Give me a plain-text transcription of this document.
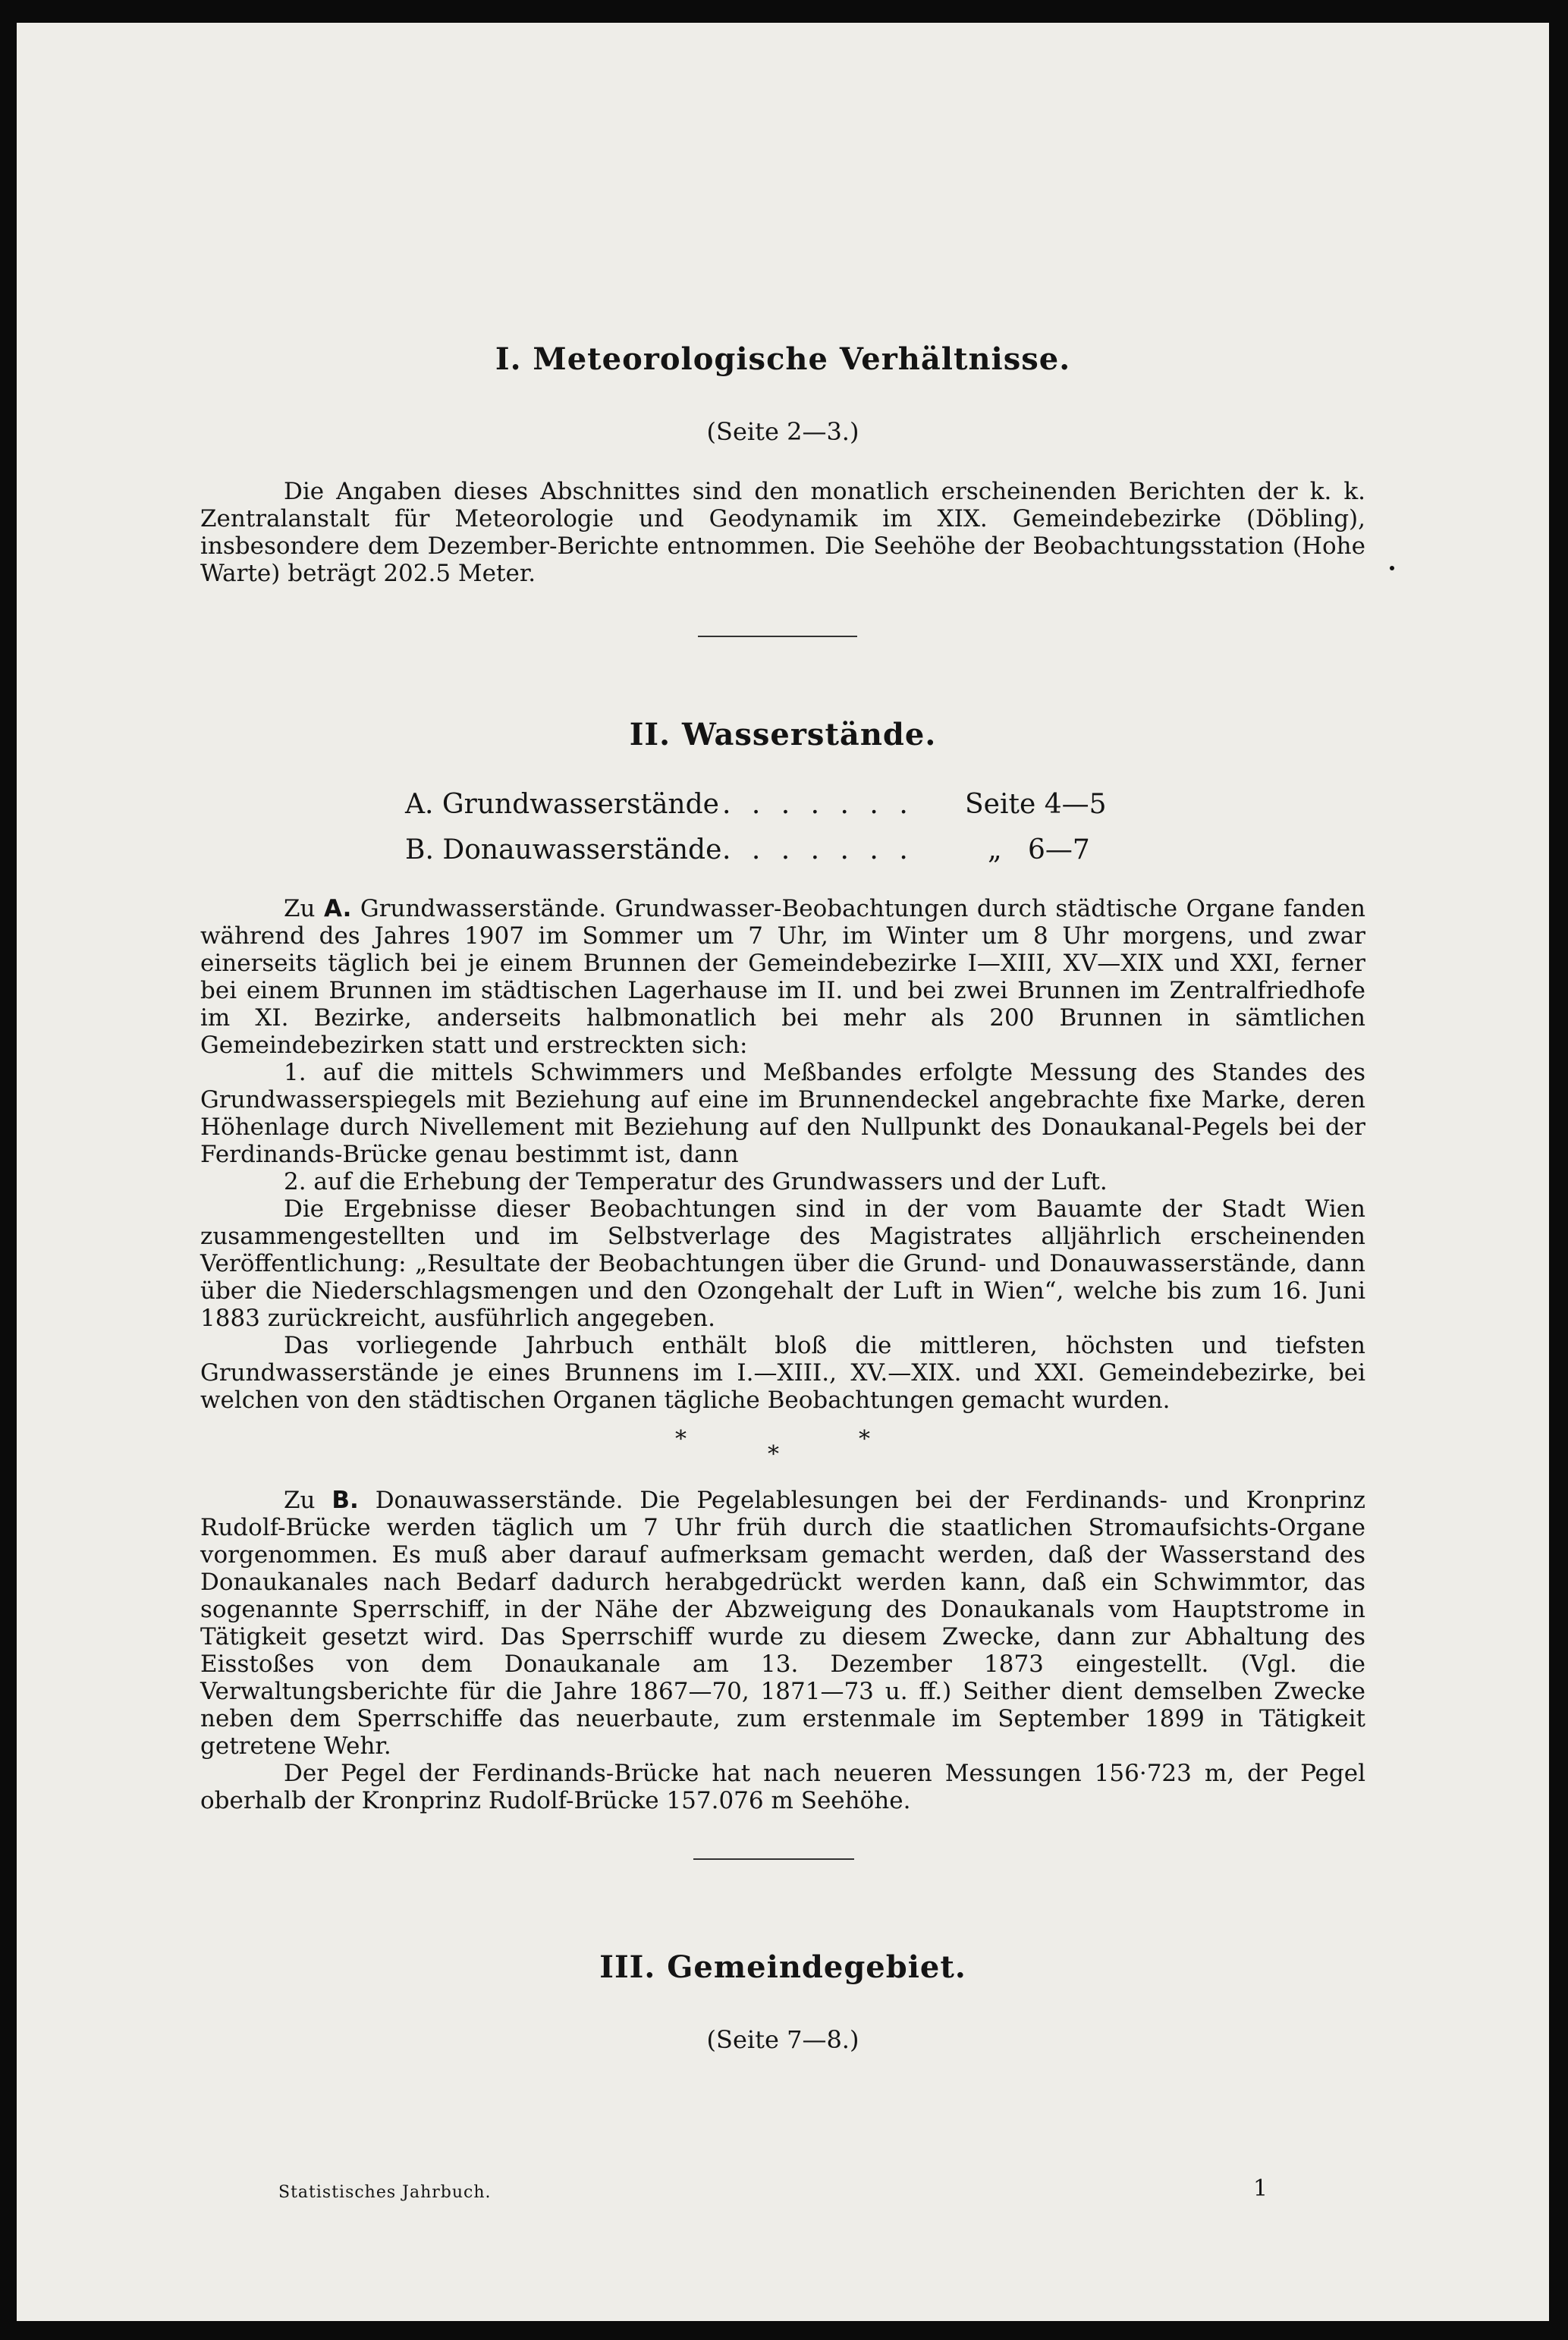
I. Meteorologische Verhältnisse.
(Seite 2—3.)

Die Angaben dieses Abschnittes sind den monatlich erscheinenden Berichten der k. k. Zentralanstalt für Meteorologie und Geodynamik im XIX. Gemeindebezirke (Döbling), insbesondere dem Dezember-Berichte entnommen. Die Seehöhe der Beobachtungsstation (Hohe Warte) beträgt 202.5 Meter.

II. Wasserstände.
A. Grundwasserstände . . . . . . . Seite 4—5
B. Donauwasserstände . . . . . . .	„   6—7

Zu A. Grundwasserstände. Grundwasser-Beobachtungen durch städtische Organe fanden während des Jahres 1907 im Sommer um 7 Uhr, im Winter um 8 Uhr morgens, und zwar einerseits täglich bei je einem Brunnen der Gemeindebezirke I—XIII, XV—XIX und XXI, ferner bei einem Brunnen im städtischen Lagerhause im II. und bei zwei Brunnen im Zentralfriedhofe im XI. Bezirke, anderseits halbmonatlich bei mehr als 200 Brunnen in sämtlichen Gemeindebezirken statt und erstreckten sich:

1. auf die mittels Schwimmers und Meßbandes erfolgte Messung des Standes des Grundwasserspiegels mit Beziehung auf eine im Brunnendeckel angebrachte fixe Marke, deren Höhenlage durch Nivellement mit Beziehung auf den Nullpunkt des Donaukanal-Pegels bei der Ferdinands-Brücke genau bestimmt ist, dann

2. auf die Erhebung der Temperatur des Grundwassers und der Luft.

Die Ergebnisse dieser Beobachtungen sind in der vom Bauamte der Stadt Wien zusammengestellten und im Selbstverlage des Magistrates alljährlich erscheinenden Veröffentlichung: „Resultate der Beobachtungen über die Grund- und Donauwasserstände, dann über die Niederschlagsmengen und den Ozongehalt der Luft in Wien“, welche bis zum 16. Juni 1883 zurückreicht, ausführlich angegeben.

Das vorliegende Jahrbuch enthält bloß die mittleren, höchsten und tiefsten Grundwasserstände je eines Brunnens im I.—XIII., XV.—XIX. und XXI. Gemeindebezirke, bei welchen von den städtischen Organen tägliche Beobachtungen gemacht wurden.

*
*
*

Zu B. Donauwasserstände. Die Pegelablesungen bei der Ferdinands- und Kronprinz Rudolf-Brücke werden täglich um 7 Uhr früh durch die staatlichen Stromaufsichts-Organe vorgenommen. Es muß aber darauf aufmerksam gemacht werden, daß der Wasserstand des Donaukanales nach Bedarf dadurch herabgedrückt werden kann, daß ein Schwimmtor, das sogenannte Sperrschiff, in der Nähe der Abzweigung des Donaukanals vom Hauptstrome in Tätigkeit gesetzt wird. Das Sperrschiff wurde zu diesem Zwecke, dann zur Abhaltung des Eisstoßes von dem Donaukanale am 13. Dezember 1873 eingestellt. (Vgl. die Verwaltungsberichte für die Jahre 1867—70, 1871—73 u. ff.) Seither dient demselben Zwecke neben dem Sperrschiffe das neuerbaute, zum erstenmale im September 1899 in Tätigkeit getretene Wehr.

Der Pegel der Ferdinands-Brücke hat nach neueren Messungen 156·723 m, der Pegel oberhalb der Kronprinz Rudolf-Brücke 157.076 m Seehöhe.

III. Gemeindegebiet.
(Seite 7—8.)
Statistisches Jahrbuch.	1
